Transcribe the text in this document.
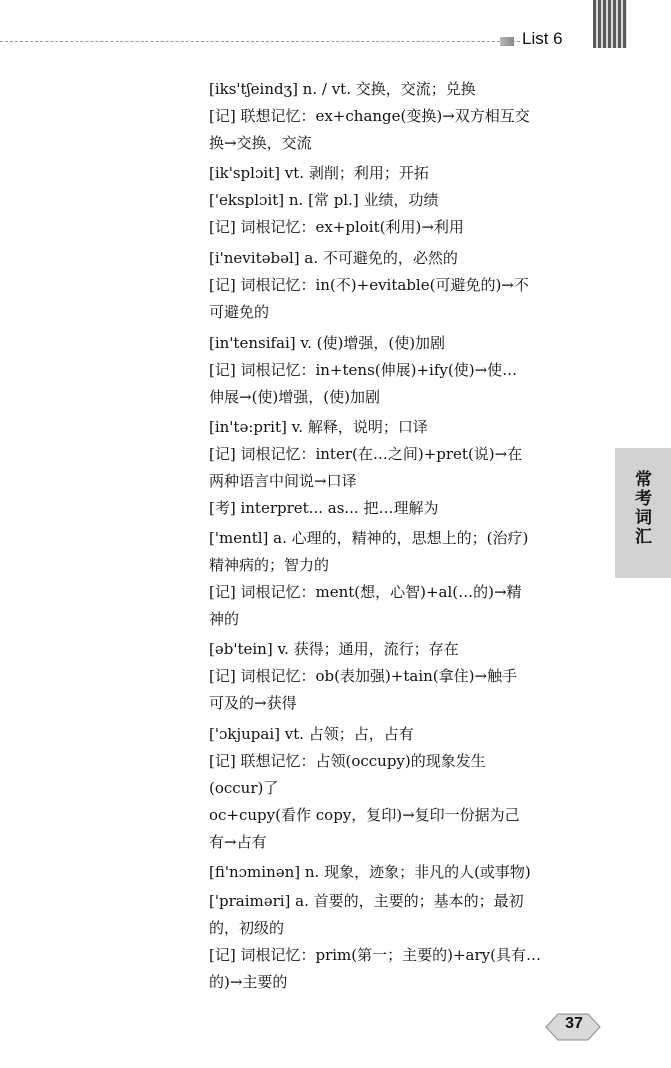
List 6
常考词汇
[iks'tʃeindʒ] n. / vt. 交换，交流；兑换
[记] 联想记忆：ex+change(变换)→双方相互交
换→交换，交流
[ik'splɔit] vt. 剥削；利用；开拓
['eksplɔit] n. [常 pl.] 业绩，功绩
[记] 词根记忆：ex+ploit(利用)→利用
[i'nevitəbəl] a. 不可避免的，必然的
[记] 词根记忆：in(不)+evitable(可避免的)→不
可避免的
[in'tensifai] v. (使)增强，(使)加剧
[记] 词根记忆：in+tens(伸展)+ify(使)→使…
伸展→(使)增强，(使)加剧
[in'tə:prit] v. 解释，说明；口译
[记] 词根记忆：inter(在…之间)+pret(说)→在
两种语言中间说→口译
[考] interpret... as... 把…理解为
['mentl] a. 心理的，精神的，思想上的；(治疗)
精神病的；智力的
[记] 词根记忆：ment(想，心智)+al(…的)→精
神的
[əb'tein] v. 获得；通用，流行；存在
[记] 词根记忆：ob(表加强)+tain(拿住)→触手
可及的→获得
['ɔkjupai] vt. 占领；占，占有
[记] 联想记忆：占领(occupy)的现象发生
(occur)了
oc+cupy(看作 copy，复印)→复印一份据为己
有→占有
[fi'nɔminən] n. 现象，迹象；非凡的人(或事物)
['praiməri] a. 首要的，主要的；基本的；最初
的，初级的
[记] 词根记忆：prim(第一；主要的)+ary(具有…
的)→主要的
37
